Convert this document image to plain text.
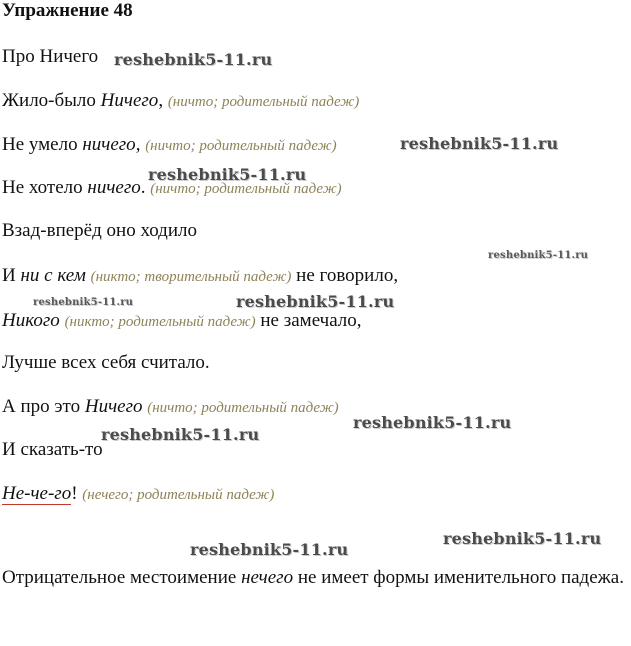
Упражнение 48
Про Ничего
Жило-было Ничего, (ничто; родительный падеж)
Не умело ничего, (ничто; родительный падеж)
Не хотело ничего. (ничто; родительный падеж)
Взад-вперёд оно ходило
И ни с кем (никто; творительный падеж) не говорило,
Никого (никто; родительный падеж) не замечало,
Лучше всех себя считало.
А про это Ничего (ничто; родительный падеж)
И сказать-то
Не-че-го! (нечего; родительный падеж)
Отрицательное местоимение нечего не имеет формы именительного падежа.
reshebnik5-11.ru
reshebnik5-11.ru
reshebnik5-11.ru
reshebnik5-11.ru
reshebnik5-11.ru	reshebnik5-11.ru
reshebnik5-11.ru
reshebnik5-11.ru
reshebnik5-11.ru
reshebnik5-11.ru
